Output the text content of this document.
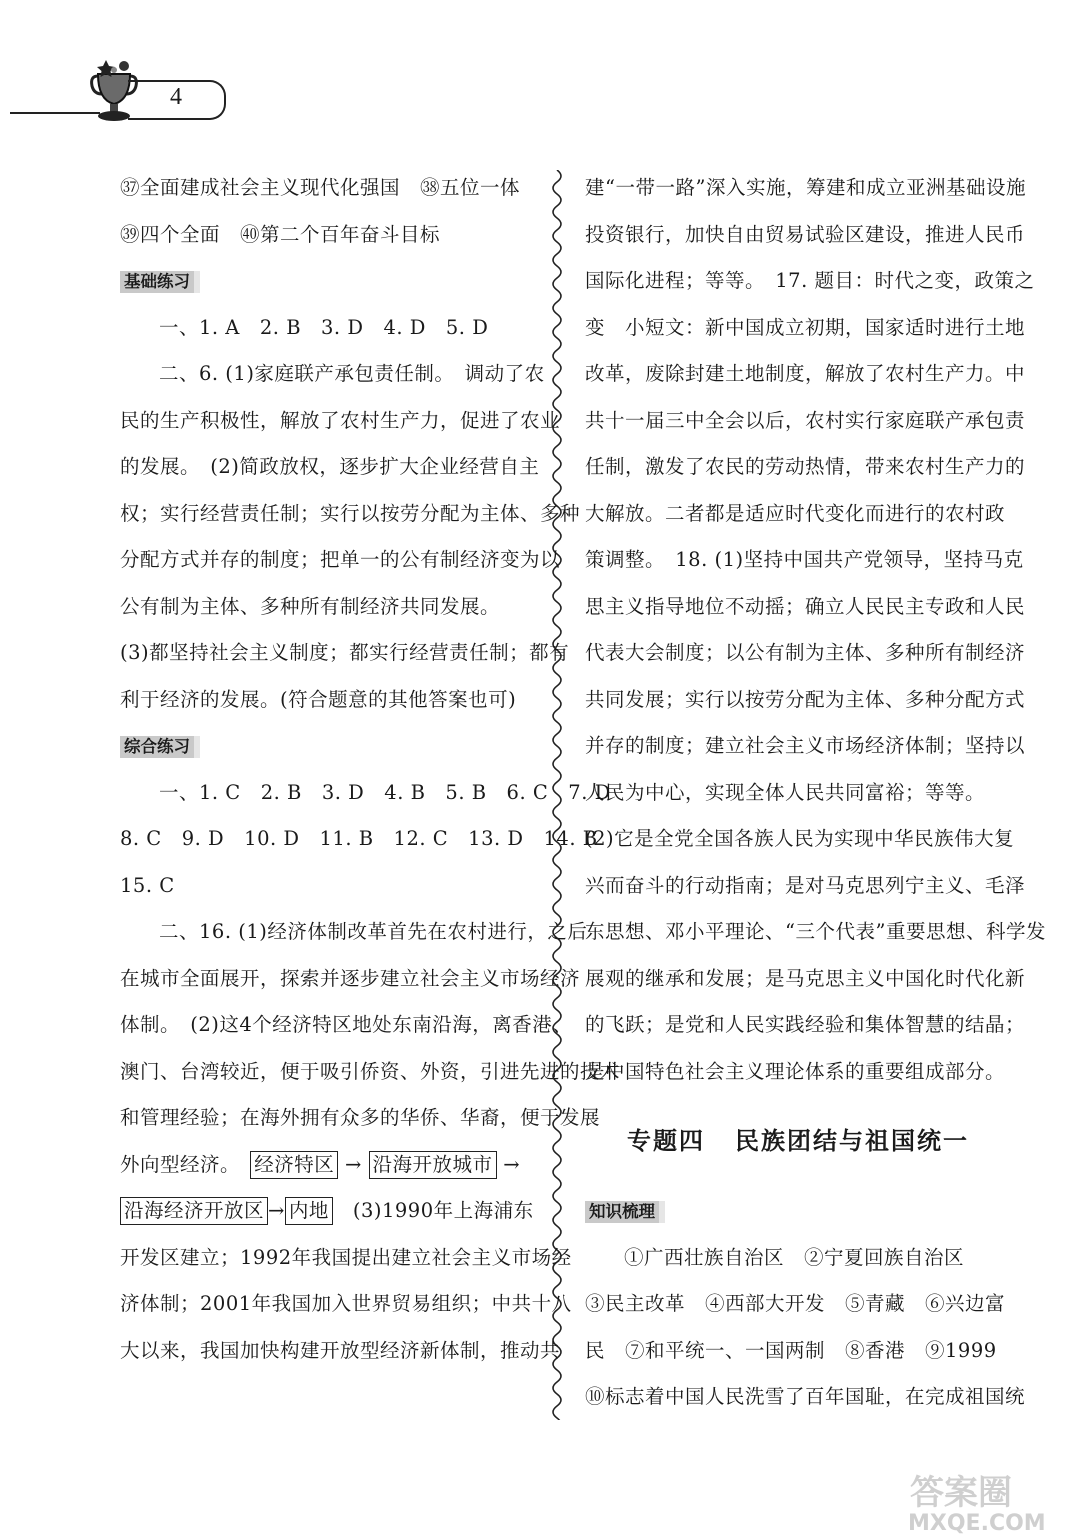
4
㊲全面建成社会主义现代化强国　㊳五位一体
㊴四个全面　㊵第二个百年奋斗目标
基础练习
一、1. A　2. B　3. D　4. D　5. D
二、6. (1)家庭联产承包责任制。　调动了农
民的生产积极性，解放了农村生产力，促进了农业
的发展。　(2)简政放权，逐步扩大企业经营自主
权；实行经营责任制；实行以按劳分配为主体、多种
分配方式并存的制度；把单一的公有制经济变为以
公有制为主体、多种所有制经济共同发展。
(3)都坚持社会主义制度；都实行经营责任制；都有
利于经济的发展。(符合题意的其他答案也可)
综合练习
一、1. C　2. B　3. D　4. B　5. B　6. C　7. D
8. C　9. D　10. D　11. B　12. C　13. D　14. B
15. C
二、16. (1)经济体制改革首先在农村进行，之后
在城市全面展开，探索并逐步建立社会主义市场经济
体制。　(2)这4个经济特区地处东南沿海，离香港、
澳门、台湾较近，便于吸引侨资、外资，引进先进的技术
和管理经验；在海外拥有众多的华侨、华裔，便于发展
外向型经济。　经济特区 → 沿海开放城市 →
沿海经济开放区 → 内地　(3)1990年上海浦东
开发区建立；1992年我国提出建立社会主义市场经
济体制；2001年我国加入世界贸易组织；中共十八
大以来，我国加快构建开放型经济新体制，推动共
建“一带一路”深入实施，筹建和成立亚洲基础设施
投资银行，加快自由贸易试验区建设，推进人民币
国际化进程；等等。　17. 题目：时代之变，政策之
变　小短文：新中国成立初期，国家适时进行土地
改革，废除封建土地制度，解放了农村生产力。中
共十一届三中全会以后，农村实行家庭联产承包责
任制，激发了农民的劳动热情，带来农村生产力的
大解放。二者都是适应时代变化而进行的农村政
策调整。　18. (1)坚持中国共产党领导，坚持马克
思主义指导地位不动摇；确立人民民主专政和人民
代表大会制度；以公有制为主体、多种所有制经济
共同发展；实行以按劳分配为主体、多种分配方式
并存的制度；建立社会主义市场经济体制；坚持以
人民为中心，实现全体人民共同富裕；等等。
(2)它是全党全国各族人民为实现中华民族伟大复
兴而奋斗的行动指南；是对马克思列宁主义、毛泽
东思想、邓小平理论、“三个代表”重要思想、科学发
展观的继承和发展；是马克思主义中国化时代化新
的飞跃；是党和人民实践经验和集体智慧的结晶；
是中国特色社会主义理论体系的重要组成部分。
专题四 民族团结与祖国统一
知识梳理
①广西壮族自治区　②宁夏回族自治区
③民主改革　④西部大开发　⑤青藏　⑥兴边富
民　⑦和平统一、一国两制　⑧香港　⑨1999
⑩标志着中国人民洗雪了百年国耻，在完成祖国统
答案圈
MXQE.COM
